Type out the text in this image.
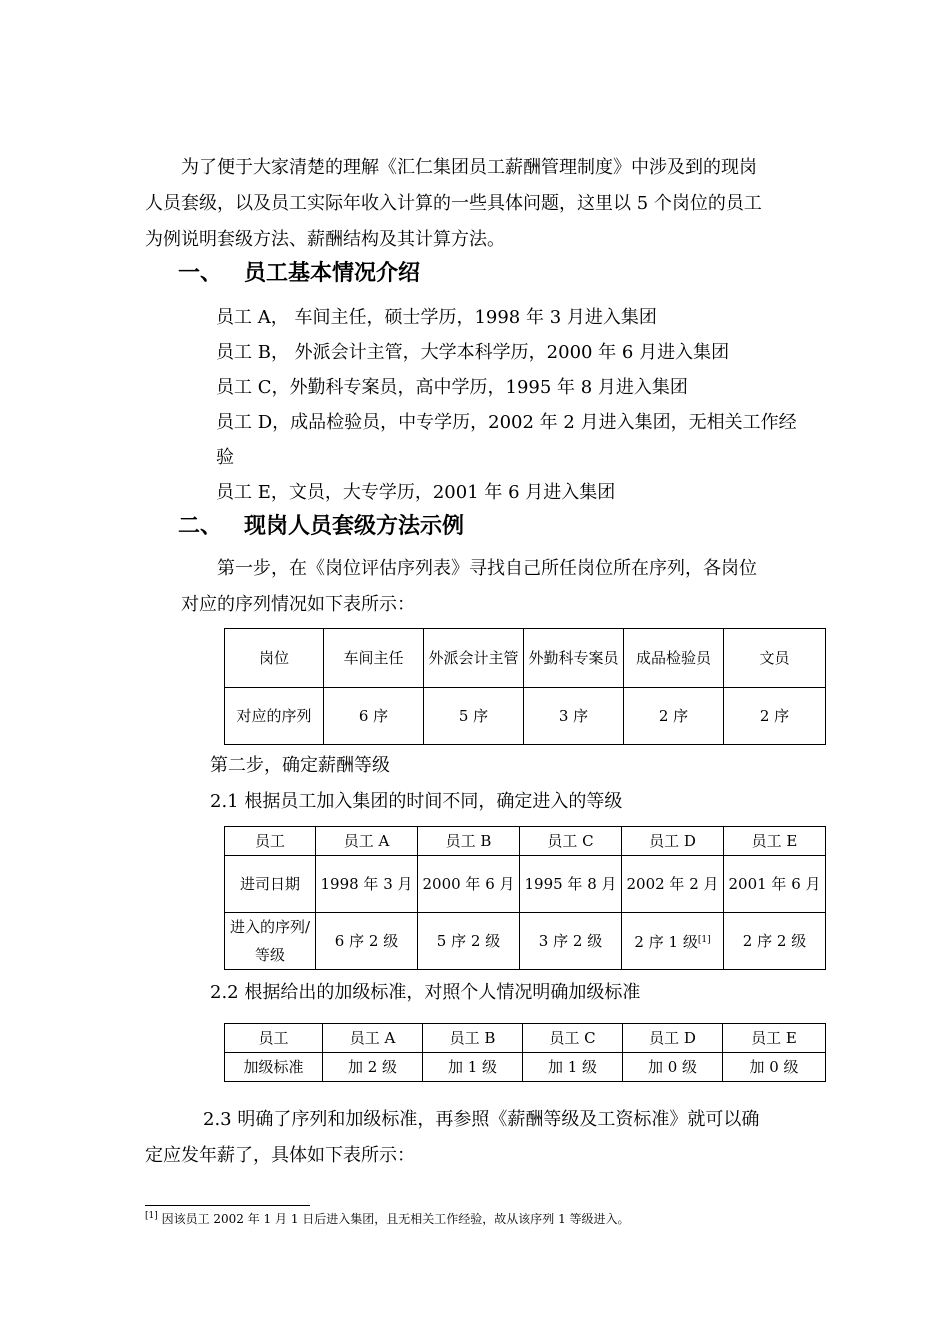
为了便于大家清楚的理解《汇仁集团员工薪酬管理制度》中涉及到的现岗
人员套级，以及员工实际年收入计算的一些具体问题，这里以 5 个岗位的员工
为例说明套级方法、薪酬结构及其计算方法。

一、 员工基本情况介绍

员工 A， 车间主任，硕士学历，1998 年 3 月进入集团

员工 B， 外派会计主管，大学本科学历，2000 年 6 月进入集团

员工 C，外勤科专案员，高中学历，1995 年 8 月进入集团

员工 D，成品检验员，中专学历，2002 年 2 月进入集团，无相关工作经

验

员工 E，文员，大专学历，2001 年 6 月进入集团

二、 现岗人员套级方法示例

第一步，在《岗位评估序列表》寻找自己所任岗位所在序列，各岗位
对应的序列情况如下表所示：

岗位	车间主任	外派会计主管	外勤科专案员	成品检验员	文员
对应的序列	6 序	5 序	3 序	2 序	2 序

第二步，确定薪酬等级

2.1 根据员工加入集团的时间不同，确定进入的等级

员工	员工 A	员工 B	员工 C	员工 D	员工 E
进司日期	1998 年 3 月	2000 年 6 月	1995 年 8 月	2002 年 2 月	2001 年 6 月
进入的序列/等级	6 序 2 级	5 序 2 级	3 序 2 级	2 序 1 级[1]	2 序 2 级

2.2 根据给出的加级标准，对照个人情况明确加级标准

员工	员工 A	员工 B	员工 C	员工 D	员工 E
加级标准	加 2 级	加 1 级	加 1 级	加 0 级	加 0 级

2.3 明确了序列和加级标准，再参照《薪酬等级及工资标准》就可以确
定应发年薪了，具体如下表所示：

[1] 因该员工 2002 年 1 月 1 日后进入集团，且无相关工作经验，故从该序列 1 等级进入。
